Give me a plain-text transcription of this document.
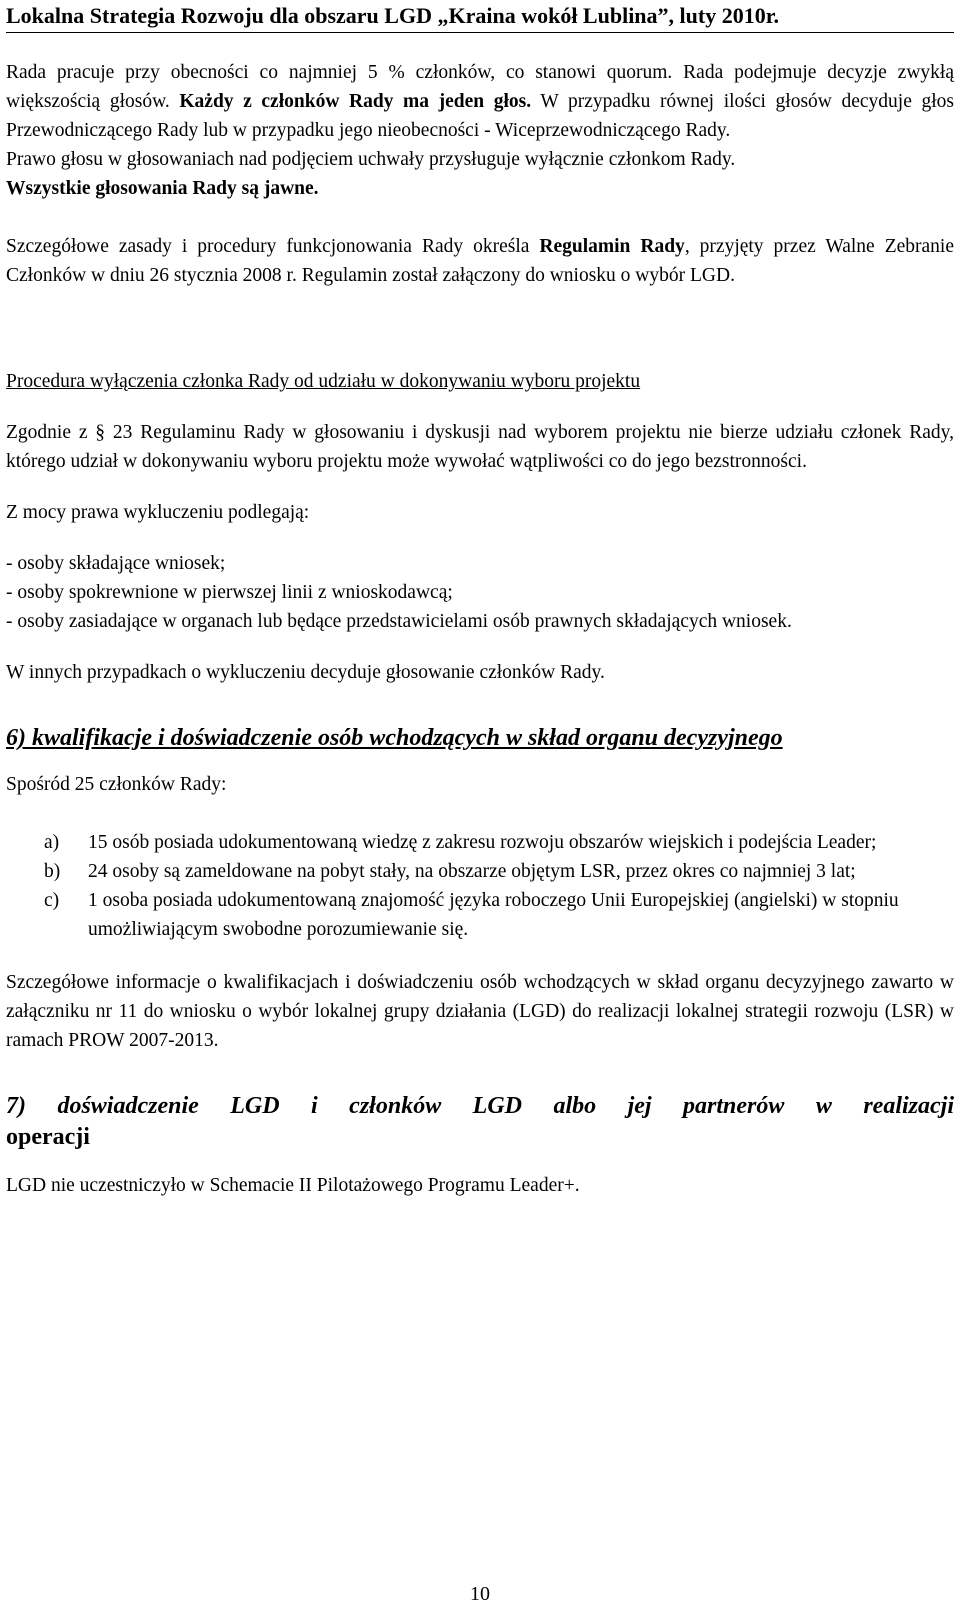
Lokalna Strategia Rozwoju dla obszaru LGD „Kraina wokół Lublina”, luty 2010r.

Rada pracuje przy obecności co najmniej 5 % członków, co stanowi quorum. Rada podejmuje decyzje zwykłą większością głosów. Każdy z członków Rady ma jeden głos. W przypadku równej ilości głosów decyduje głos Przewodniczącego Rady lub w przypadku jego nieobecności - Wiceprzewodniczącego Rady.

Prawo głosu w głosowaniach nad podjęciem uchwały przysługuje wyłącznie członkom Rady.

Wszystkie głosowania Rady są jawne.

Szczegółowe zasady i procedury funkcjonowania Rady określa Regulamin Rady, przyjęty przez Walne Zebranie Członków w dniu 26 stycznia 2008 r. Regulamin został załączony do wniosku o wybór LGD.

Procedura wyłączenia członka Rady od udziału w dokonywaniu wyboru projektu

Zgodnie z § 23 Regulaminu Rady w głosowaniu i dyskusji nad wyborem projektu nie bierze udziału członek Rady, którego udział w dokonywaniu wyboru projektu może wywołać wątpliwości co do jego bezstronności.

Z mocy prawa wykluczeniu podlegają:

- osoby składające wniosek;

- osoby spokrewnione w pierwszej linii z wnioskodawcą;

- osoby zasiadające w organach lub będące przedstawicielami osób prawnych składających wniosek.

W innych przypadkach o wykluczeniu decyduje głosowanie członków Rady.

6) kwalifikacje i doświadczenie osób wchodzących w skład organu decyzyjnego

Spośród 25 członków Rady:

a)	15 osób posiada udokumentowaną wiedzę z zakresu rozwoju obszarów wiejskich i podejścia Leader;
b)	24 osoby są zameldowane na pobyt stały, na obszarze objętym LSR, przez okres co najmniej 3 lat;
c)	1 osoba posiada udokumentowaną znajomość języka roboczego Unii Europejskiej (angielski) w stopniu umożliwiającym swobodne porozumiewanie się.

Szczegółowe informacje o kwalifikacjach i doświadczeniu osób wchodzących w skład organu decyzyjnego zawarto w załączniku nr 11 do wniosku o wybór lokalnej grupy działania (LGD) do realizacji lokalnej strategii rozwoju (LSR) w ramach PROW 2007-2013.

7) doświadczenie LGD i członków LGD albo jej partnerów w realizacji

operacji

LGD nie uczestniczyło w Schemacie II Pilotażowego Programu Leader+.

10
